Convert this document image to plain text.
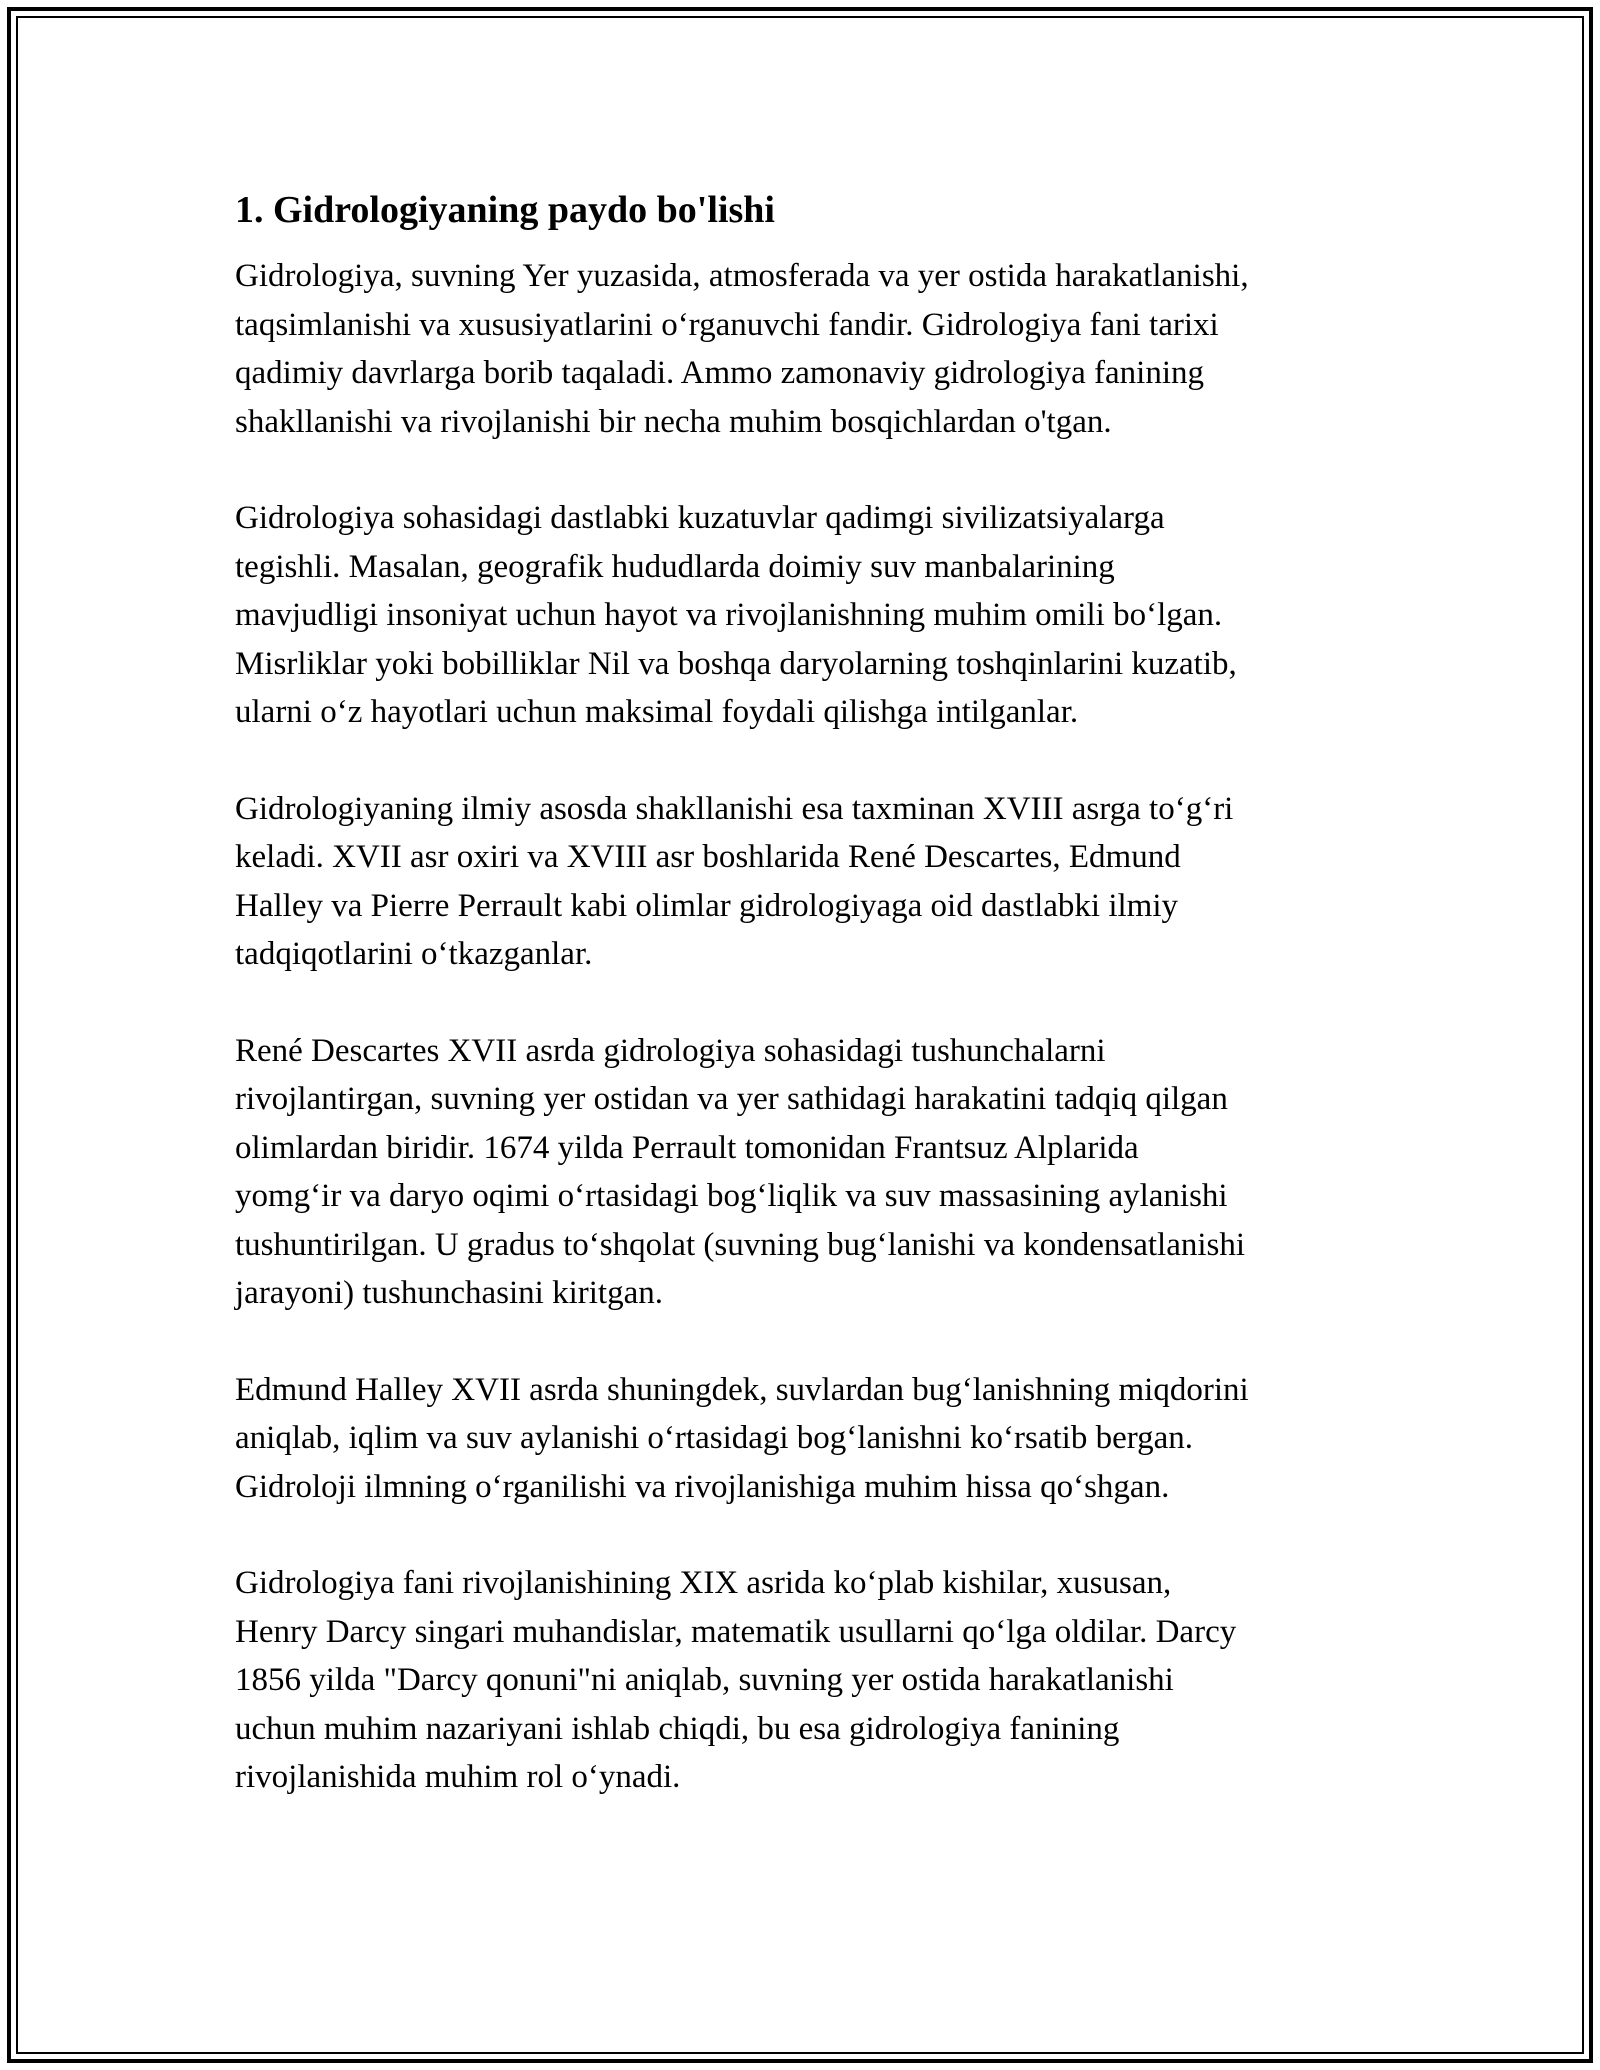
1. Gidrologiyaning paydo bo'lishi

Gidrologiya, suvning Yer yuzasida, atmosferada va yer ostida harakatlanishi,
taqsimlanishi va xususiyatlarini o‘rganuvchi fandir. Gidrologiya fani tarixi
qadimiy davrlarga borib taqaladi. Ammo zamonaviy gidrologiya fanining
shakllanishi va rivojlanishi bir necha muhim bosqichlardan o'tgan.

Gidrologiya sohasidagi dastlabki kuzatuvlar qadimgi sivilizatsiyalarga
tegishli. Masalan, geografik hududlarda doimiy suv manbalarining
mavjudligi insoniyat uchun hayot va rivojlanishning muhim omili bo‘lgan.
Misrliklar yoki bobilliklar Nil va boshqa daryolarning toshqinlarini kuzatib,
ularni o‘z hayotlari uchun maksimal foydali qilishga intilganlar.

Gidrologiyaning ilmiy asosda shakllanishi esa taxminan XVIII asrga to‘g‘ri
keladi. XVII asr oxiri va XVIII asr boshlarida René Descartes, Edmund
Halley va Pierre Perrault kabi olimlar gidrologiyaga oid dastlabki ilmiy
tadqiqotlarini o‘tkazganlar.

René Descartes XVII asrda gidrologiya sohasidagi tushunchalarni
rivojlantirgan, suvning yer ostidan va yer sathidagi harakatini tadqiq qilgan
olimlardan biridir. 1674 yilda Perrault tomonidan Frantsuz Alplarida
yomg‘ir va daryo oqimi o‘rtasidagi bog‘liqlik va suv massasining aylanishi
tushuntirilgan. U gradus to‘shqolat (suvning bug‘lanishi va kondensatlanishi
jarayoni) tushunchasini kiritgan.

Edmund Halley XVII asrda shuningdek, suvlardan bug‘lanishning miqdorini
aniqlab, iqlim va suv aylanishi o‘rtasidagi bog‘lanishni ko‘rsatib bergan.
Gidroloji ilmning o‘rganilishi va rivojlanishiga muhim hissa qo‘shgan.

Gidrologiya fani rivojlanishining XIX asrida ko‘plab kishilar, xususan,
Henry Darcy singari muhandislar, matematik usullarni qo‘lga oldilar. Darcy
1856 yilda "Darcy qonuni"ni aniqlab, suvning yer ostida harakatlanishi
uchun muhim nazariyani ishlab chiqdi, bu esa gidrologiya fanining
rivojlanishida muhim rol o‘ynadi.
